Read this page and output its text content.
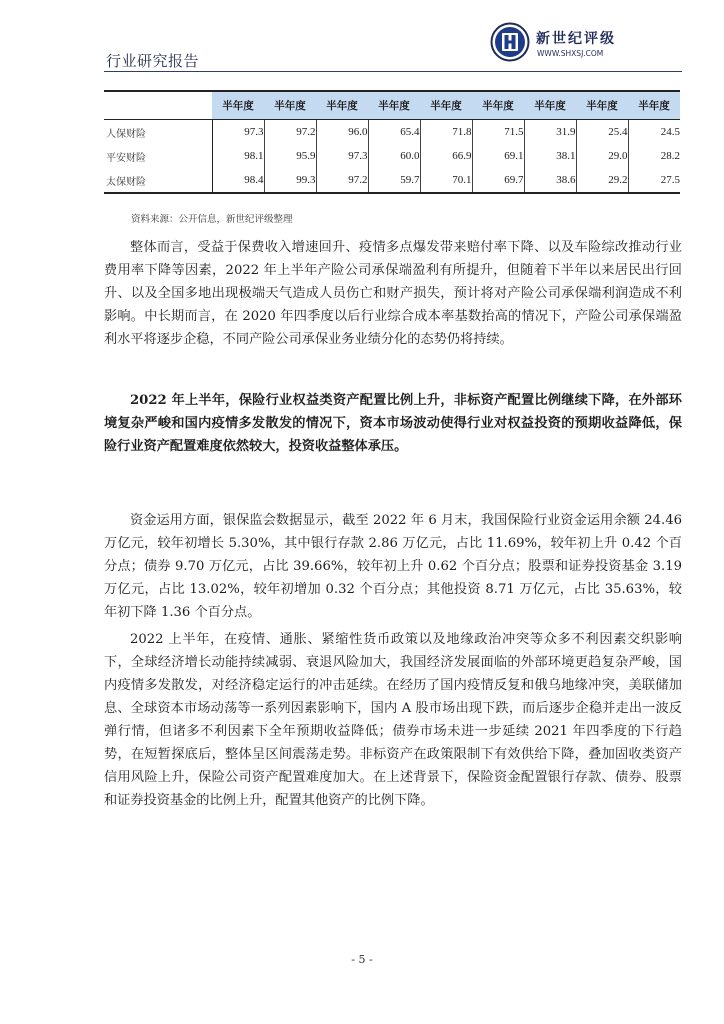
新世纪评级
WWW.SHXSJ.COM
行业研究报告
	半年度	半年度	半年度	半年度	半年度	半年度	半年度	半年度	半年度
人保财险	97.3	97.2	96.0	65.4	71.8	71.5	31.9	25.4	24.5
平安财险	98.1	95.9	97.3	60.0	66.9	69.1	38.1	29.0	28.2
太保财险	98.4	99.3	97.2	59.7	70.1	69.7	38.6	29.2	27.5
资料来源：公开信息，新世纪评级整理

整体而言，受益于保费收入增速回升、疫情多点爆发带来赔付率下降、以及车险综改推动行业费用率下降等因素，2022 年上半年产险公司承保端盈利有所提升，但随着下半年以来居民出行回升、以及全国多地出现极端天气造成人员伤亡和财产损失，预计将对产险公司承保端利润造成不利影响。中长期而言，在 2020 年四季度以后行业综合成本率基数抬高的情况下，产险公司承保端盈利水平将逐步企稳，不同产险公司承保业务业绩分化的态势仍将持续。

2022 年上半年，保险行业权益类资产配置比例上升，非标资产配置比例继续下降，在外部环境复杂严峻和国内疫情多发散发的情况下，资本市场波动使得行业对权益投资的预期收益降低，保险行业资产配置难度依然较大，投资收益整体承压。

资金运用方面，银保监会数据显示，截至 2022 年 6 月末，我国保险行业资金运用余额 24.46 万亿元，较年初增长 5.30%，其中银行存款 2.86 万亿元，占比 11.69%，较年初上升 0.42 个百分点；债券 9.70 万亿元，占比 39.66%，较年初上升 0.62 个百分点；股票和证券投资基金 3.19 万亿元，占比 13.02%，较年初增加 0.32 个百分点；其他投资 8.71 万亿元，占比 35.63%，较年初下降 1.36 个百分点。

2022 上半年，在疫情、通胀、紧缩性货币政策以及地缘政治冲突等众多不利因素交织影响下，全球经济增长动能持续减弱、衰退风险加大，我国经济发展面临的外部环境更趋复杂严峻，国内疫情多发散发，对经济稳定运行的冲击延续。在经历了国内疫情反复和俄乌地缘冲突，美联储加息、全球资本市场动荡等一系列因素影响下，国内 A 股市场出现下跌，而后逐步企稳并走出一波反弹行情，但诸多不利因素下全年预期收益降低；债券市场未进一步延续 2021 年四季度的下行趋势，在短暂探底后，整体呈区间震荡走势。非标资产在政策限制下有效供给下降，叠加固收类资产信用风险上升，保险公司资产配置难度加大。在上述背景下，保险资金配置银行存款、债券、股票和证券投资基金的比例上升，配置其他资产的比例下降。

- 5 -
